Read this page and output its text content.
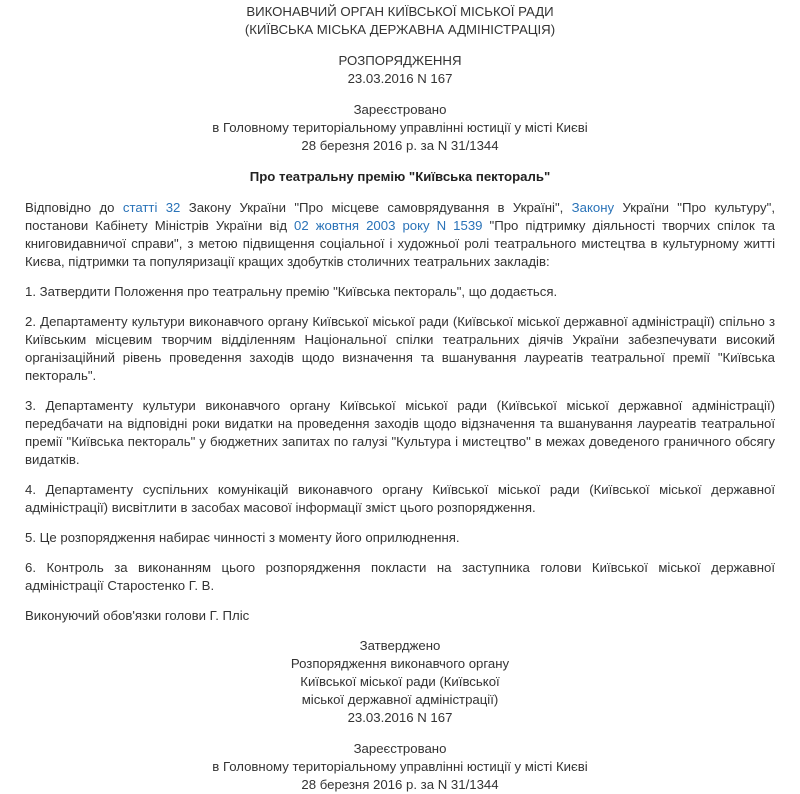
ВИКОНАВЧИЙ ОРГАН КИЇВСЬКОЇ МІСЬКОЇ РАДИ
(КИЇВСЬКА МІСЬКА ДЕРЖАВНА АДМІНІСТРАЦІЯ)
РОЗПОРЯДЖЕННЯ
23.03.2016 N 167
Зареєстровано
в Головному територіальному управлінні юстиції у місті Києві
28 березня 2016 р. за N 31/1344

Про театральну премію "Київська пектораль"

Відповідно до статті 32 Закону України "Про місцеве самоврядування в Україні", Закону України "Про культуру", постанови Кабінету Міністрів України від 02 жовтня 2003 року N 1539 "Про підтримку діяльності творчих спілок та книговидавничої справи", з метою підвищення соціальної і художньої ролі театрального мистецтва в культурному житті Києва, підтримки та популяризації кращих здобутків столичних театральних закладів:

1. Затвердити Положення про театральну премію "Київська пектораль", що додається.

2. Департаменту культури виконавчого органу Київської міської ради (Київської міської державної адміністрації) спільно з Київським місцевим творчим відділенням Національної спілки театральних діячів України забезпечувати високий організаційний рівень проведення заходів щодо визначення та вшанування лауреатів театральної премії "Київська пектораль".

3. Департаменту культури виконавчого органу Київської міської ради (Київської міської державної адміністрації) передбачати на відповідні роки видатки на проведення заходів щодо відзначення та вшанування лауреатів театральної премії "Київська пектораль" у бюджетних запитах по галузі "Культура і мистецтво" в межах доведеного граничного обсягу видатків.

4. Департаменту суспільних комунікацій виконавчого органу Київської міської ради (Київської міської державної адміністрації) висвітлити в засобах масової інформації зміст цього розпорядження.

5. Це розпорядження набирає чинності з моменту його оприлюднення.

6. Контроль за виконанням цього розпорядження покласти на заступника голови Київської міської державної адміністрації Старостенко Г. В.

Виконуючий обов'язки голови Г. Пліс

Затверджено
Розпорядження виконавчого органу
Київської міської ради (Київської
міської державної адміністрації)
23.03.2016 N 167
Зареєстровано
в Головному територіальному управлінні юстиції у місті Києві
28 березня 2016 р. за N 31/1344
